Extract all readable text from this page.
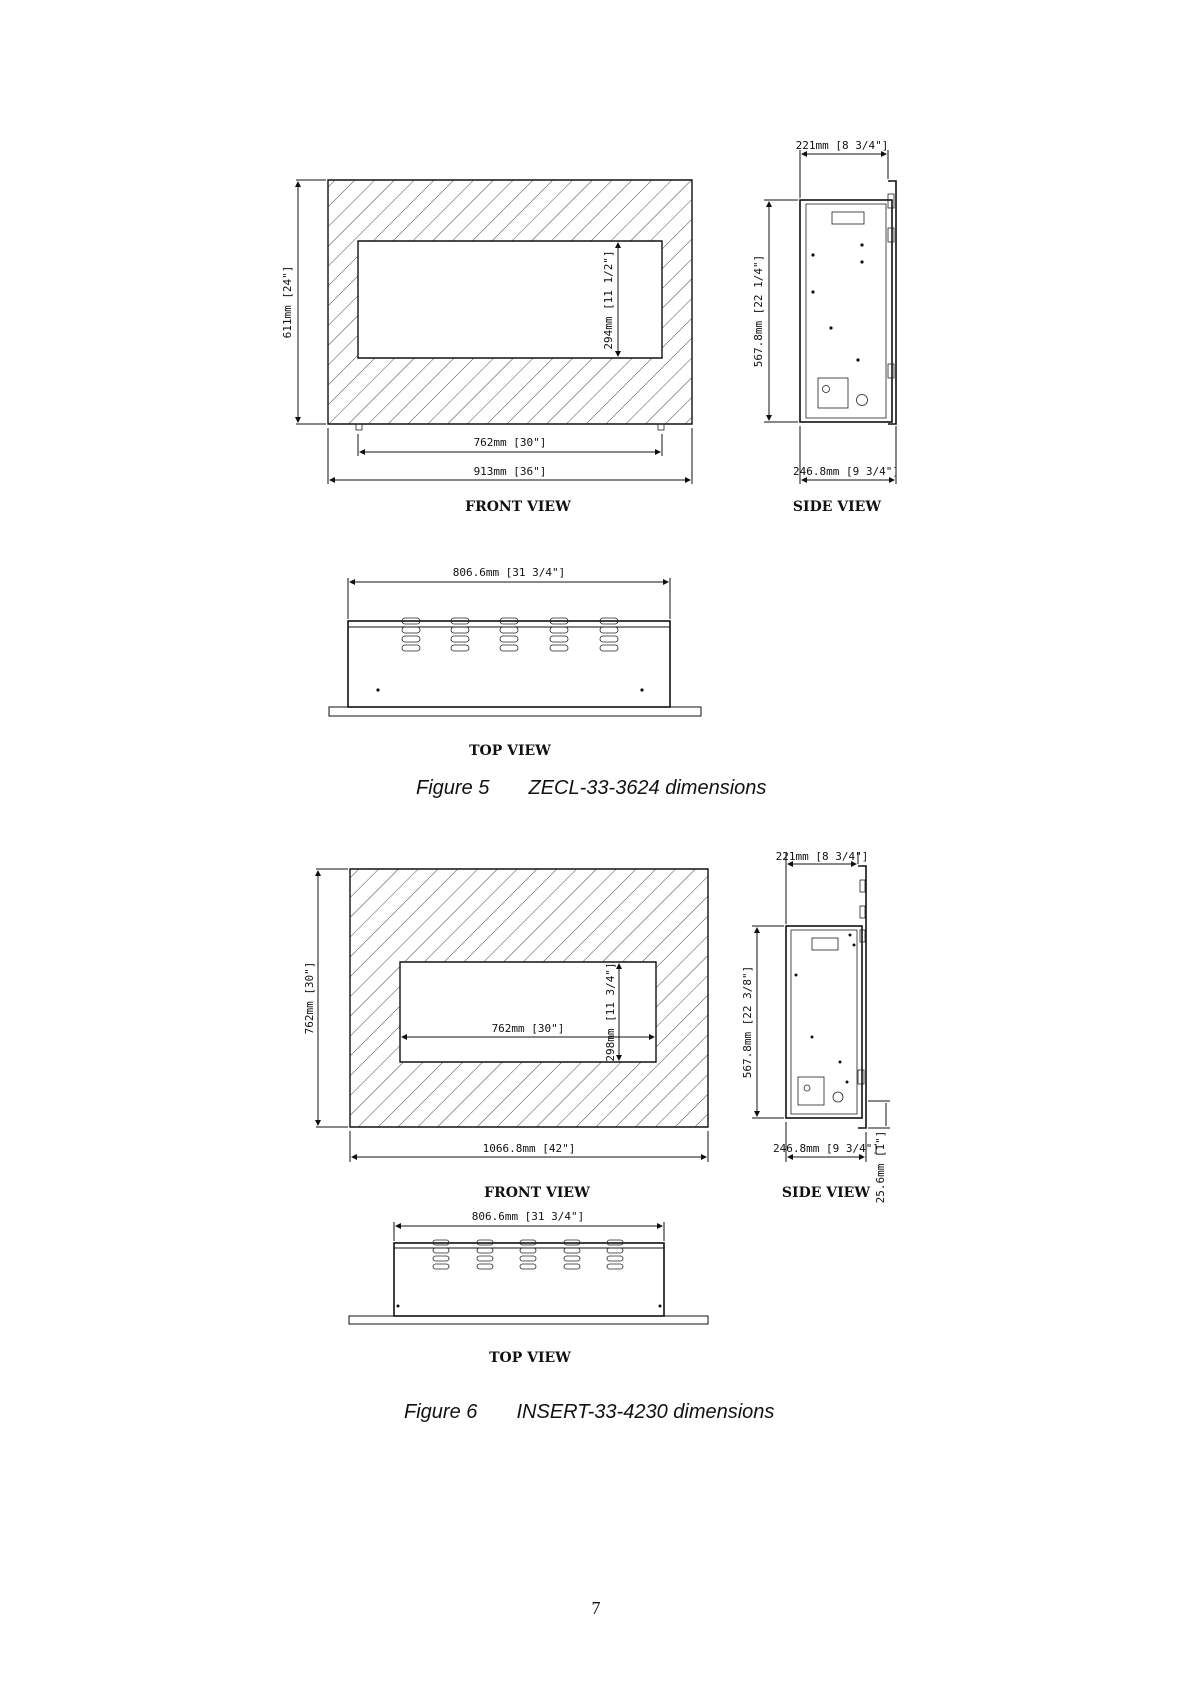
611mm [24"]	294mm [11 1/2"]
762mm [30"]
913mm [36"]
FRONT VIEW
221mm [8 3/4"]
567.8mm [22 1/4"]
246.8mm [9 3/4"]
SIDE VIEW
806.6mm [31 3/4"]
TOP VIEW
762mm [30"]	298mm [11 3/4"]
762mm [30"]
1066.8mm [42"]
FRONT VIEW
221mm [8 3/4"]
567.8mm [22 3/8"]
246.8mm [9 3/4"]
25.6mm [1"]
SIDE VIEW
806.6mm [31 3/4"]
TOP VIEW
Figure 5 ZECL-33-3624 dimensions
Figure 6 INSERT-33-4230 dimensions
7
